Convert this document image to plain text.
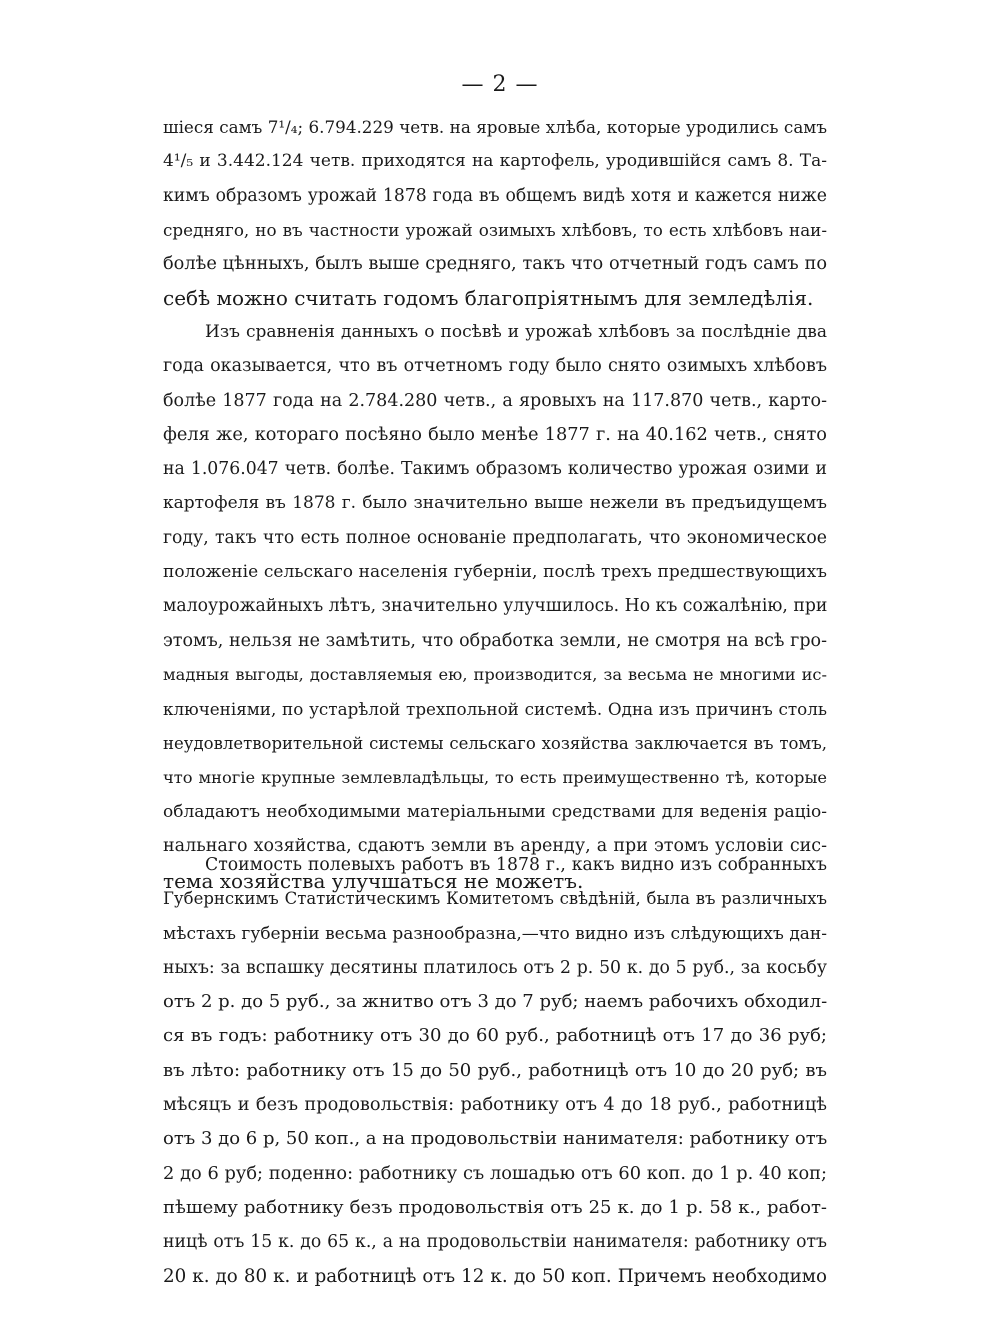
— 2 —
шіеся самъ 7¹/₄; 6.794.229 четв. на яровые хлѣба, которые уродились самъ
4¹/₅ и 3.442.124 четв. приходятся на картофель, уродившійся самъ 8. Та-
кимъ образомъ урожай 1878 года въ общемъ видѣ хотя и кажется ниже
средняго, но въ частности урожай озимыхъ хлѣбовъ, то есть хлѣбовъ наи-
болѣе цѣнныхъ, былъ выше средняго, такъ что отчетный годъ самъ по
себѣ можно считать годомъ благопріятнымъ для земледѣлія.
Изъ сравненія данныхъ о посѣвѣ и урожаѣ хлѣбовъ за послѣдніе два
года оказывается, что въ отчетномъ году было снято озимыхъ хлѣбовъ
болѣе 1877 года на 2.784.280 четв., а яровыхъ на 117.870 четв., карто-
феля же, котораго посѣяно было менѣе 1877 г. на 40.162 четв., снято
на 1.076.047 четв. болѣе. Такимъ образомъ количество урожая озими и
картофеля въ 1878 г. было значительно выше нежели въ предъидущемъ
году, такъ что есть полное основаніе предполагать, что экономическое
положеніе сельскаго населенія губерніи, послѣ трехъ предшествующихъ
малоурожайныхъ лѣтъ, значительно улучшилось. Но къ сожалѣнію, при
этомъ, нельзя не замѣтить, что обработка земли, не смотря на всѣ гро-
мадныя выгоды, доставляемыя ею, производится, за весьма не многими ис-
ключеніями, по устарѣлой трехпольной системѣ. Одна изъ причинъ столь
неудовлетворительной системы сельскаго хозяйства заключается въ томъ,
что многіе крупные землевладѣльцы, то есть преимущественно тѣ, которые
обладаютъ необходимыми матеріальными средствами для веденія раціо-
нальнаго хозяйства, сдаютъ земли въ аренду, а при этомъ условіи сис-
тема хозяйства улучшаться не можетъ.
Стоимость полевыхъ работъ въ 1878 г., какъ видно изъ собранныхъ
Губернскимъ Статистическимъ Комитетомъ свѣдѣній, была въ различныхъ
мѣстахъ губерніи весьма разнообразна,—что видно изъ слѣдующихъ дан-
ныхъ: за вспашку десятины платилось отъ 2 р. 50 к. до 5 руб., за косьбу
отъ 2 р. до 5 руб., за жнитво отъ 3 до 7 руб; наемъ рабочихъ обходил-
ся въ годъ: работнику отъ 30 до 60 руб., работницѣ отъ 17 до 36 руб;
въ лѣто: работнику отъ 15 до 50 руб., работницѣ отъ 10 до 20 руб; въ
мѣсяцъ и безъ продовольствія: работнику отъ 4 до 18 руб., работницѣ
отъ 3 до 6 р, 50 коп., а на продовольствіи нанимателя: работнику отъ
2 до 6 руб; поденно: работнику съ лошадью отъ 60 коп. до 1 р. 40 коп;
пѣшему работнику безъ продовольствія отъ 25 к. до 1 р. 58 к., работ-
ницѣ отъ 15 к. до 65 к., а на продовольствіи нанимателя: работнику отъ
20 к. до 80 к. и работницѣ отъ 12 к. до 50 коп. Причемъ необходимо
